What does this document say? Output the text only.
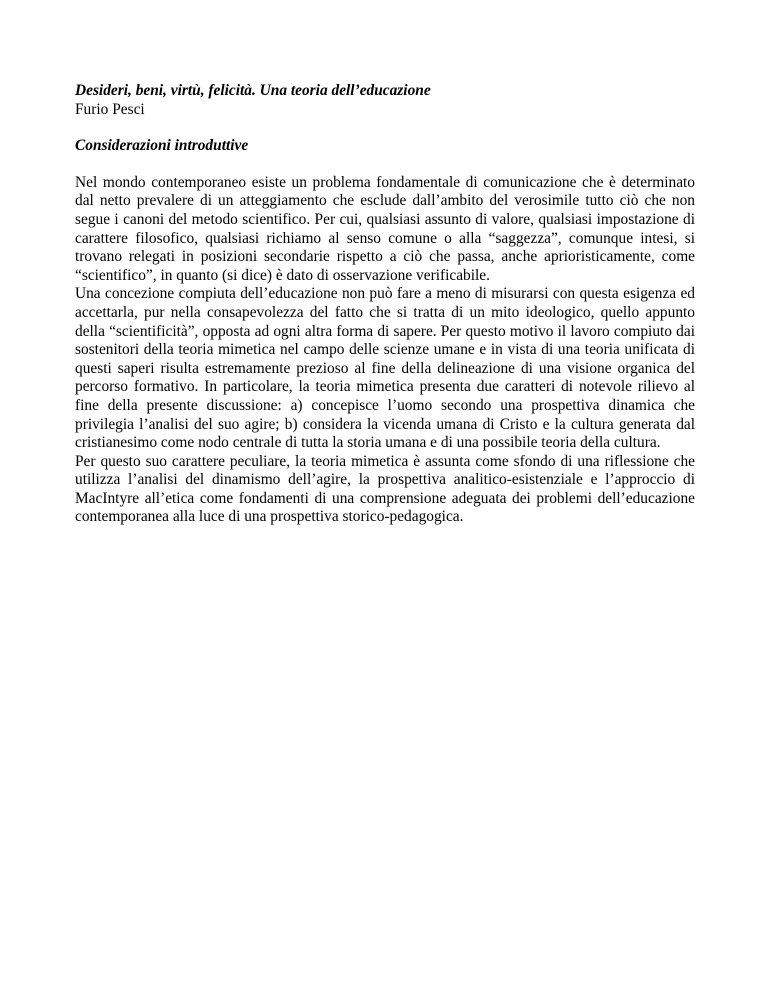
Desideri, beni, virtù, felicità. Una teoria dell’educazione

Furio Pesci

Considerazioni introduttive

Nel mondo contemporaneo esiste un problema fondamentale di comunicazione che è determinato dal netto prevalere di un atteggiamento che esclude dall’ambito del verosimile tutto ciò che non segue i canoni del metodo scientifico. Per cui, qualsiasi assunto di valore, qualsiasi impostazione di carattere filosofico, qualsiasi richiamo al senso comune o alla “saggezza”, comunque intesi, si trovano relegati in posizioni secondarie rispetto a ciò che passa, anche aprioristicamente, come “scientifico”, in quanto (si dice) è dato di osservazione verificabile.

Una concezione compiuta dell’educazione non può fare a meno di misurarsi con questa esigenza ed accettarla, pur nella consapevolezza del fatto che si tratta di un mito ideologico, quello appunto della “scientificità”, opposta ad ogni altra forma di sapere. Per questo motivo il lavoro compiuto dai sostenitori della teoria mimetica nel campo delle scienze umane e in vista di una teoria unificata di questi saperi risulta estremamente prezioso al fine della delineazione di una visione organica del percorso formativo. In particolare, la teoria mimetica presenta due caratteri di notevole rilievo al fine della presente discussione: a) concepisce l’uomo secondo una prospettiva dinamica che privilegia l’analisi del suo agire; b) considera la vicenda umana di Cristo e la cultura generata dal cristianesimo come nodo centrale di tutta la storia umana e di una possibile teoria della cultura.

Per questo suo carattere peculiare, la teoria mimetica è assunta come sfondo di una riflessione che utilizza l’analisi del dinamismo dell’agire, la prospettiva analitico-esistenziale e l’approccio di MacIntyre all’etica come fondamenti di una comprensione adeguata dei problemi dell’educazione contemporanea alla luce di una prospettiva storico-pedagogica.
